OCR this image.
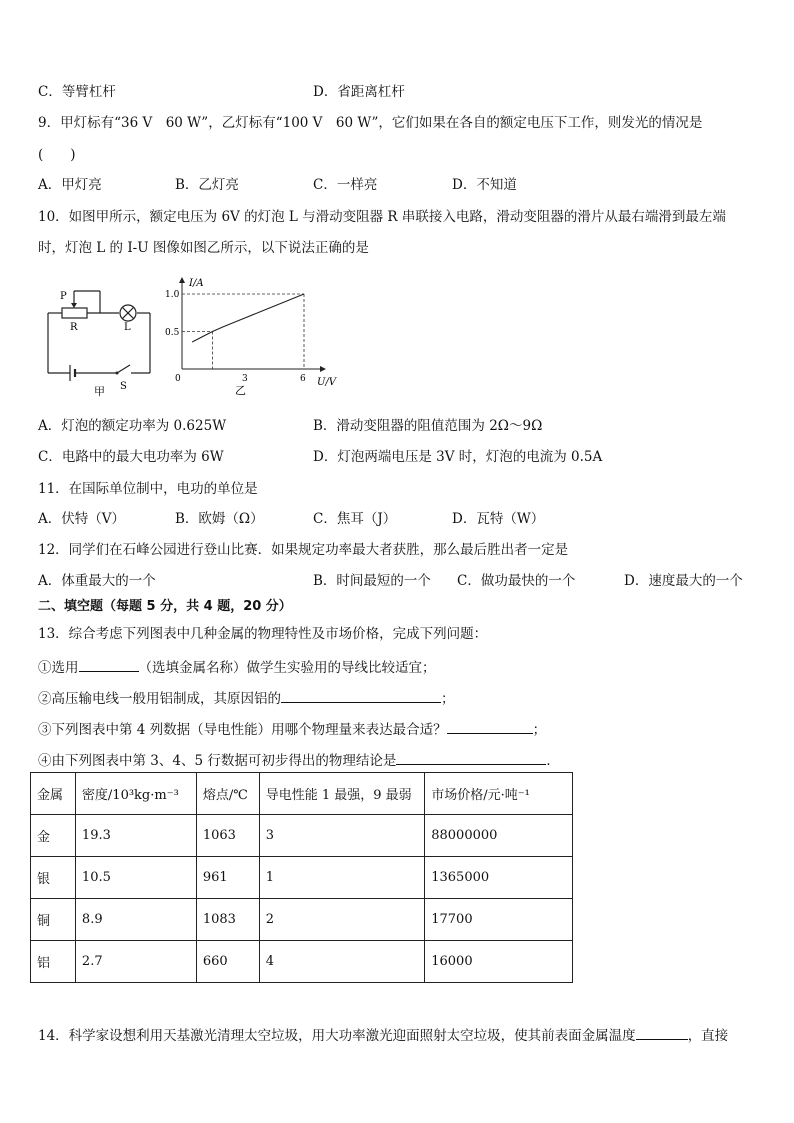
C．等臂杠杆	D．省距离杠杆
9．甲灯标有“36 V　60 W”，乙灯标有“100 V　60 W”，它们如果在各自的额定电压下工作，则发光的情况是
(　　)
A．甲灯亮	B．乙灯亮	C．一样亮	D．不知道
10．如图甲所示，额定电压为 6V 的灯泡 L 与滑动变阻器 R 串联接入电路，滑动变阻器的滑片从最右端滑到最左端
时，灯泡 L 的 I-U 图像如图乙所示，以下说法正确的是
P
R	L
S
甲
I/A
U/V
1.0
0.5
0	3	6
乙
A．灯泡的额定功率为 0.625W	B．滑动变阻器的阻值范围为 2Ω～9Ω
C．电路中的最大电功率为 6W	D．灯泡两端电压是 3V 时，灯泡的电流为 0.5A
11．在国际单位制中，电功的单位是
A．伏特（V）	B．欧姆（Ω）	C．焦耳（J）	D．瓦特（W）
12．同学们在石峰公园进行登山比赛．如果规定功率最大者获胜，那么最后胜出者一定是
A．体重最大的一个	B．时间最短的一个 C．做功最快的一个	D．速度最大的一个
二、填空题（每题 5 分，共 4 题，20 分）
13．综合考虑下列图表中几种金属的物理特性及市场价格，完成下列问题：
①选用	（选填金属名称）做学生实验用的导线比较适宜；
②高压输电线一般用铝制成，其原因铝的	；
③下列图表中第 4 列数据（导电性能）用哪个物理量来表达最合适？	；
④由下列图表中第 3、4、5 行数据可初步得出的物理结论是	．
金属	密度/10³kg·m⁻³	熔点/℃	导电性能 1 最强，9 最弱	市场价格/元·吨⁻¹
金	19.3	1063	3	88000000
银	10.5	961	1	1365000
铜	8.9	1083	2	17700
铝	2.7	660	4	16000
14．科学家设想利用天基激光清理太空垃圾，用大功率激光迎面照射太空垃圾，使其前表面金属温度	，直接
